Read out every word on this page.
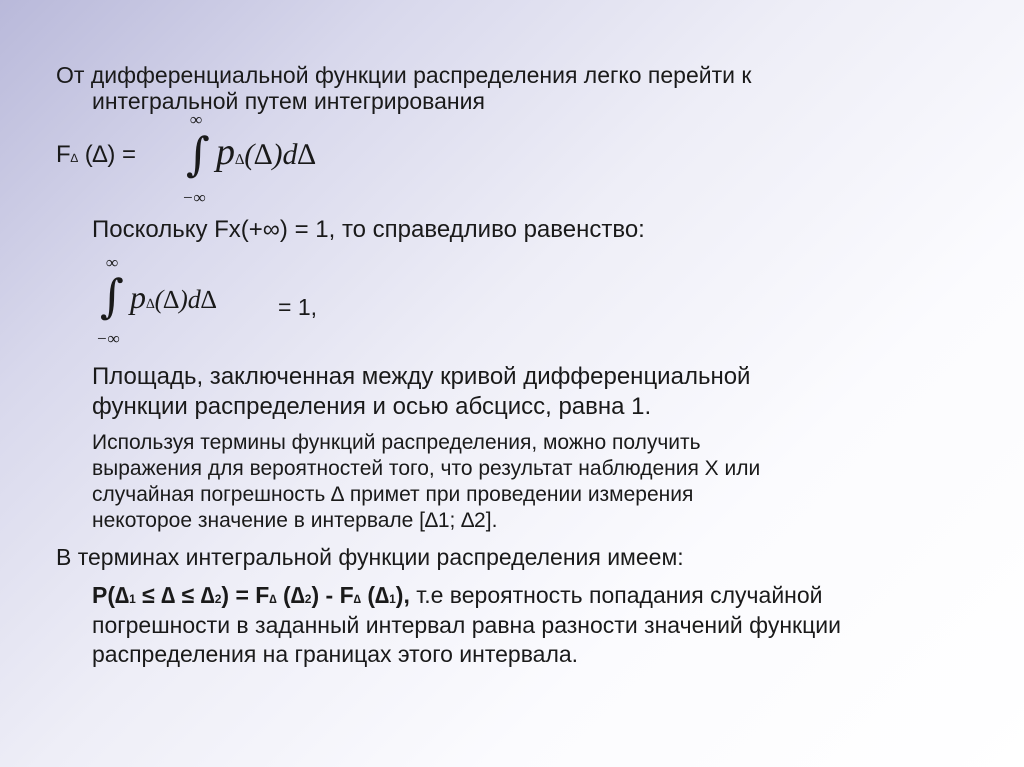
От дифференциальной функции распределения легко перейти к
интегральной путем интегрирования
F∆ (∆) =
∞
∫
−∞
p∆(∆)d∆
Поскольку Fx(+∞) = 1, то справедливо равенство:
∞
∫
−∞
p∆(∆)d∆	= 1,
Площадь, заключенная между кривой дифференциальной
функции распределения и осью абсцисс, равна 1.
Используя термины функций распределения, можно получить
выражения для вероятностей того, что результат наблюдения Х или
случайная погрешность ∆ примет при проведении измерения
некоторое значение в интервале [∆1; ∆2].
В терминах интегральной функции распределения имеем:
Р(∆1 ≤ ∆ ≤ ∆2) = F∆ (∆2) - F∆ (∆1), т.е вероятность попадания случайной
погрешности в заданный интервал равна разности значений функции
распределения на границах этого интервала.
